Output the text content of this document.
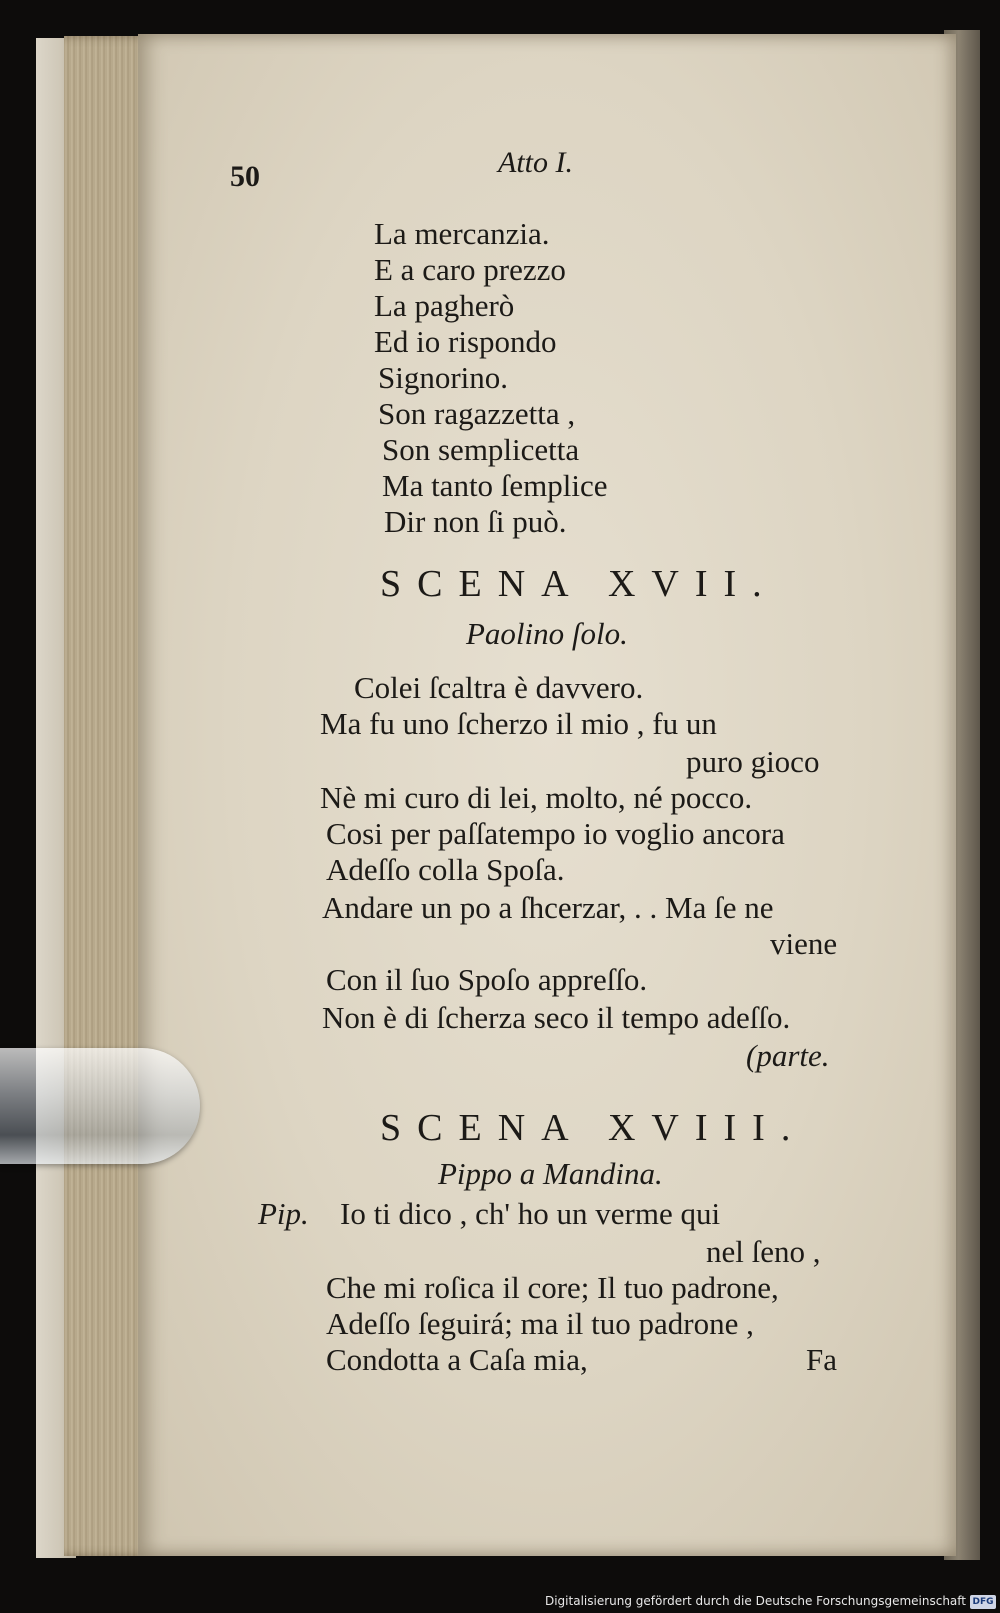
50	Atto I.
La mercanzia.
E a caro prezzo
La pagherò
Ed io rispondo
Signorino.
Son ragazzetta ,
Son semplicetta
Ma tanto ſemplice
Dir non ſi può.
SCENA XVII.
Paolino ſolo.
Colei ſcaltra è davvero.
Ma fu uno ſcherzo il mio , fu un
puro gioco
Nè mi curo di lei, molto, né pocco.
Cosi per paſſatempo io voglio ancora
Adeſſo colla Spoſa.
Andare un po a ſhcerzar, . . Ma ſe ne
viene
Con il ſuo Spoſo appreſſo.
Non è di ſcherza seco il tempo adeſſo.
(parte.
SCENA XVIII.
Pippo a Mandina.
Pip. Io ti dico , ch' ho un verme qui
nel ſeno ,
Che mi roſica il core; Il tuo padrone,
Adeſſo ſeguirá; ma il tuo padrone ,
Condotta a Caſa mia,	Fa
Digitalisierung gefördert durch die Deutsche Forschungsgemeinschaft DFG
